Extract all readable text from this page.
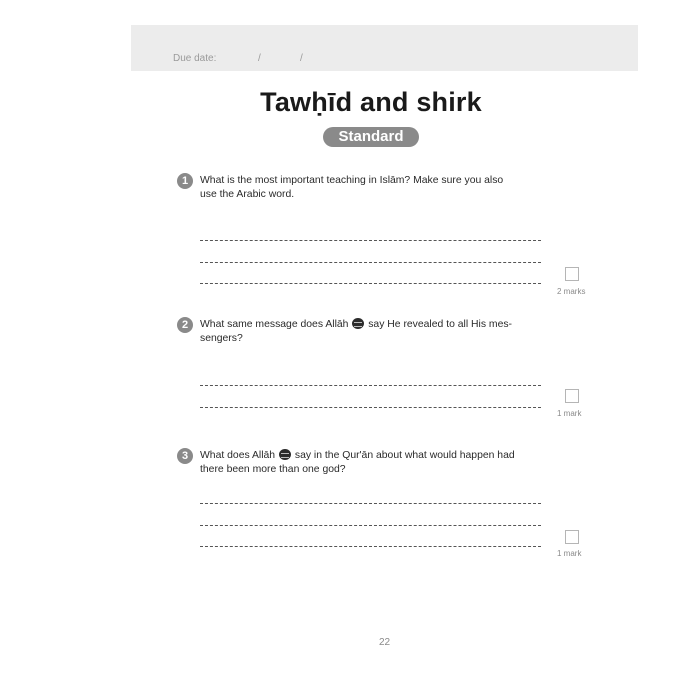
Due date:	/	/
Tawḥīd and shirk
Standard
1	What is the most important teaching in Islām? Make sure you also
use the Arabic word.
2 marks
2	What same message does Allāh say He revealed to all His mes-
sengers?
1 mark
3	What does Allāh say in the Qur'ān about what would happen had
there been more than one god?
1 mark
22
